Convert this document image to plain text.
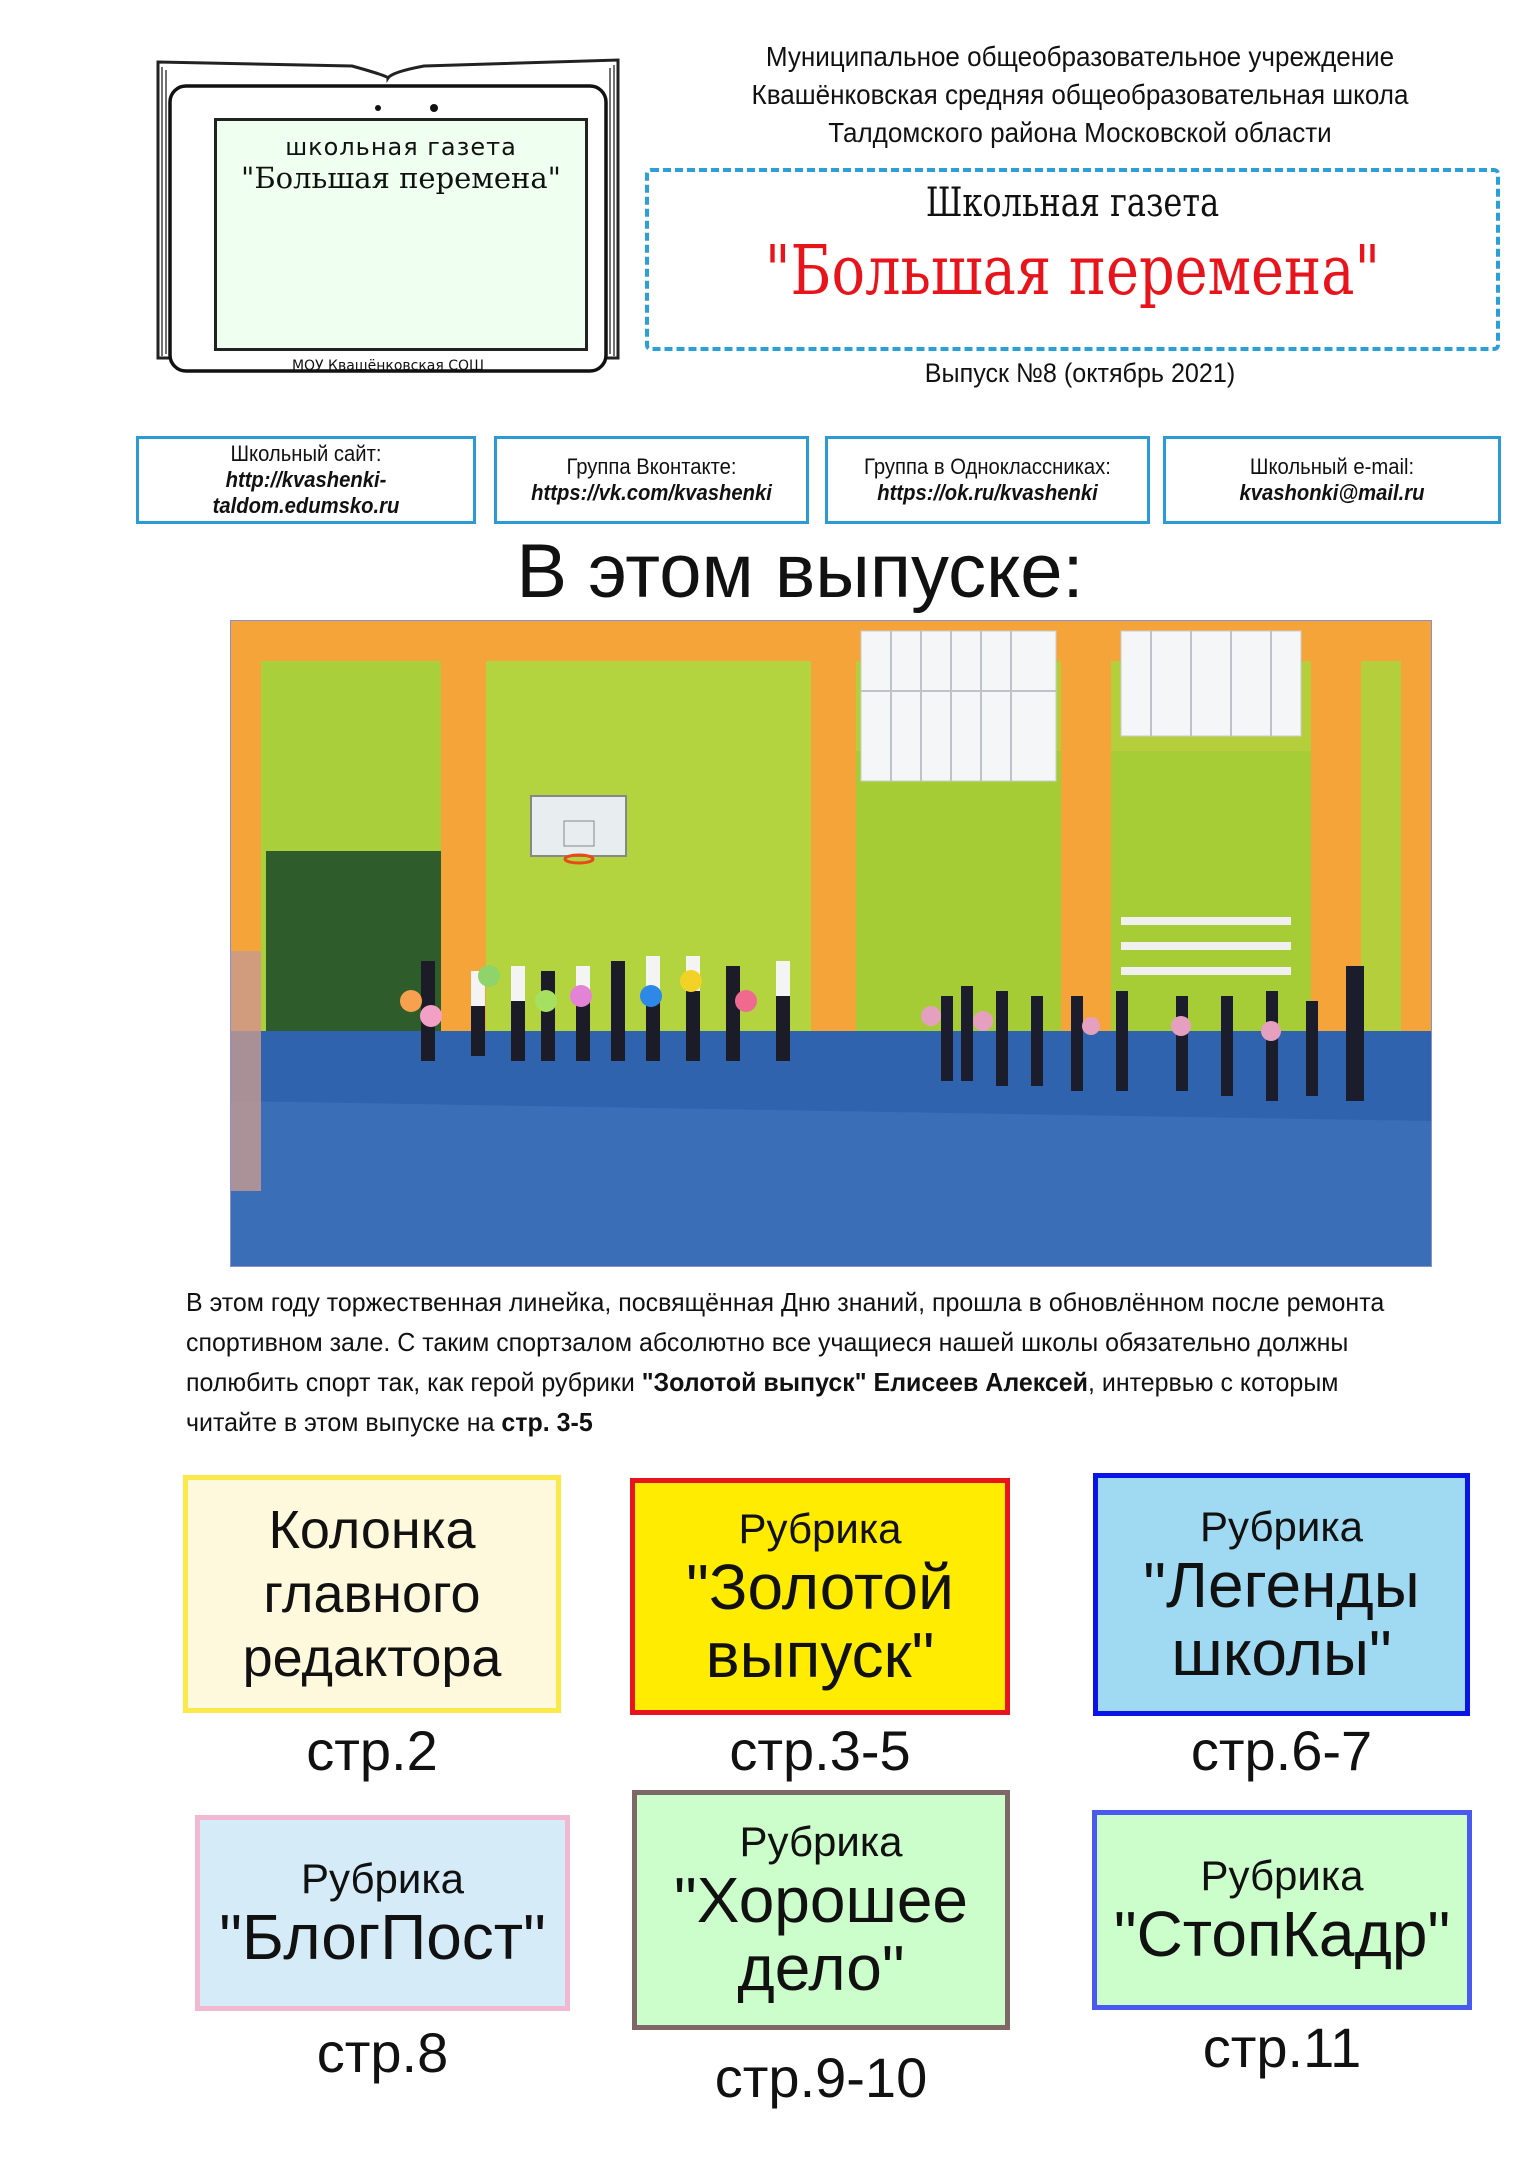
школьная газета
"Большая перемена"
МОУ Квашёнковская СОШ
Муниципальное общеобразовательное учреждение
Квашёнковская средняя общеобразовательная школа
Талдомского района Московской области
Школьная газета
"Большая перемена"
Выпуск №8 (октябрь 2021)
Школьный сайт:
http://kvashenki-
taldom.edumsko.ru
Группа Вконтакте:
https://vk.com/kvashenki
Группа в Одноклассниках:
https://ok.ru/kvashenki
Школьный e-mail:
kvashonki@mail.ru
В этом выпуске:
В этом году торжественная линейка, посвящённая Дню знаний, прошла в обновлённом после ремонта спортивном зале. С таким спортзалом абсолютно все учащиеся нашей школы обязательно должны полюбить спорт так, как герой рубрики "Золотой выпуск" Елисеев Алексей, интервью с которым читайте в этом выпуске на стр. 3-5
Колонка
главного
редактора
стр.2
Рубрика
"Золотой
выпуск"
стр.3-5
Рубрика
"Легенды
школы"
стр.6-7
Рубрика
"БлогПост"
стр.8
Рубрика
"Хорошее
дело"
стр.9-10
Рубрика
"СтопКадр"
стр.11
